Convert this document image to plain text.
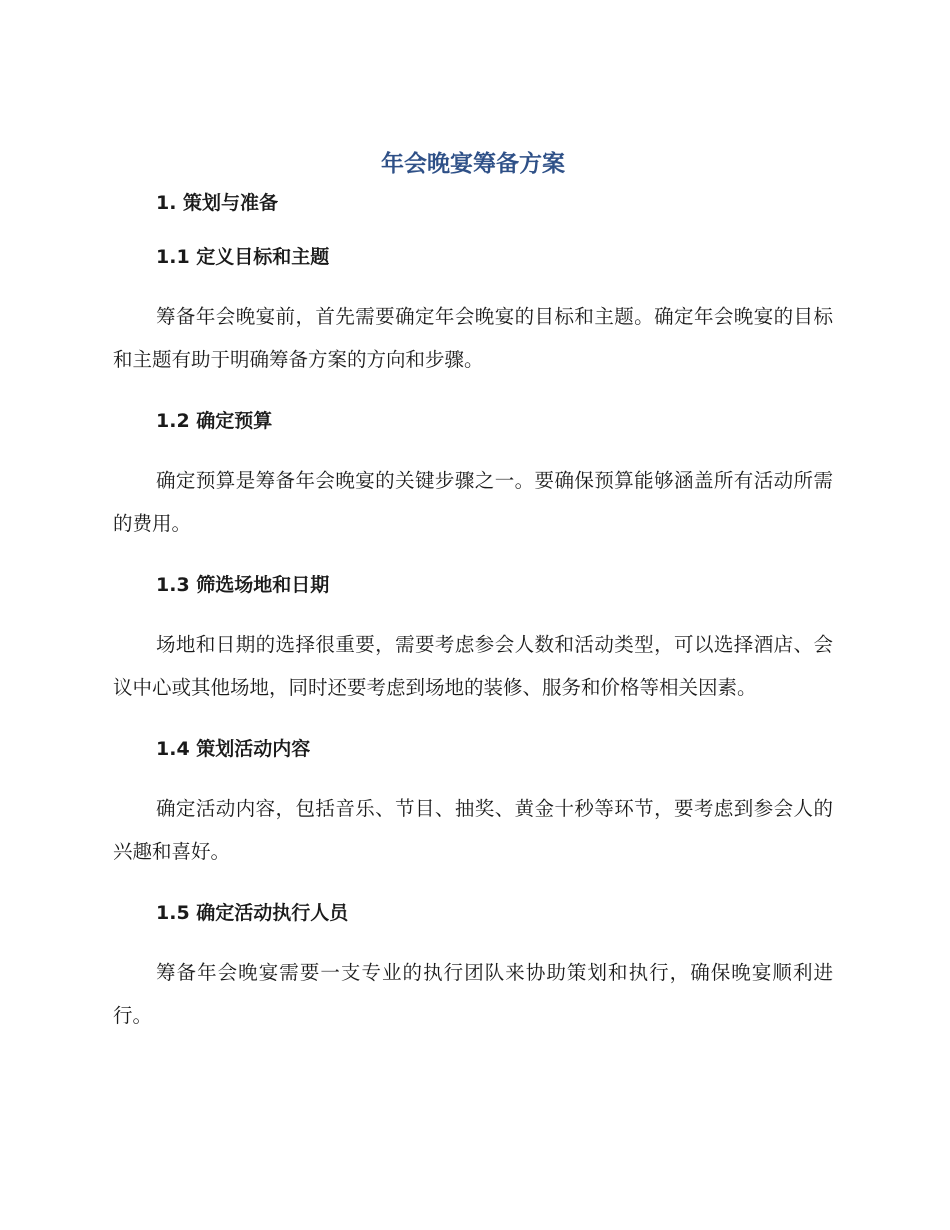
年会晚宴筹备方案
1. 策划与准备
1.1 定义目标和主题

筹备年会晚宴前，首先需要确定年会晚宴的目标和主题。确定年会晚宴的目标和主题有助于明确筹备方案的方向和步骤。

1.2 确定预算

确定预算是筹备年会晚宴的关键步骤之一。要确保预算能够涵盖所有活动所需的费用。

1.3 筛选场地和日期

场地和日期的选择很重要，需要考虑参会人数和活动类型，可以选择酒店、会议中心或其他场地，同时还要考虑到场地的装修、服务和价格等相关因素。

1.4 策划活动内容

确定活动内容，包括音乐、节目、抽奖、黄金十秒等环节，要考虑到参会人的兴趣和喜好。

1.5 确定活动执行人员

筹备年会晚宴需要一支专业的执行团队来协助策划和执行，确保晚宴顺利进行。
